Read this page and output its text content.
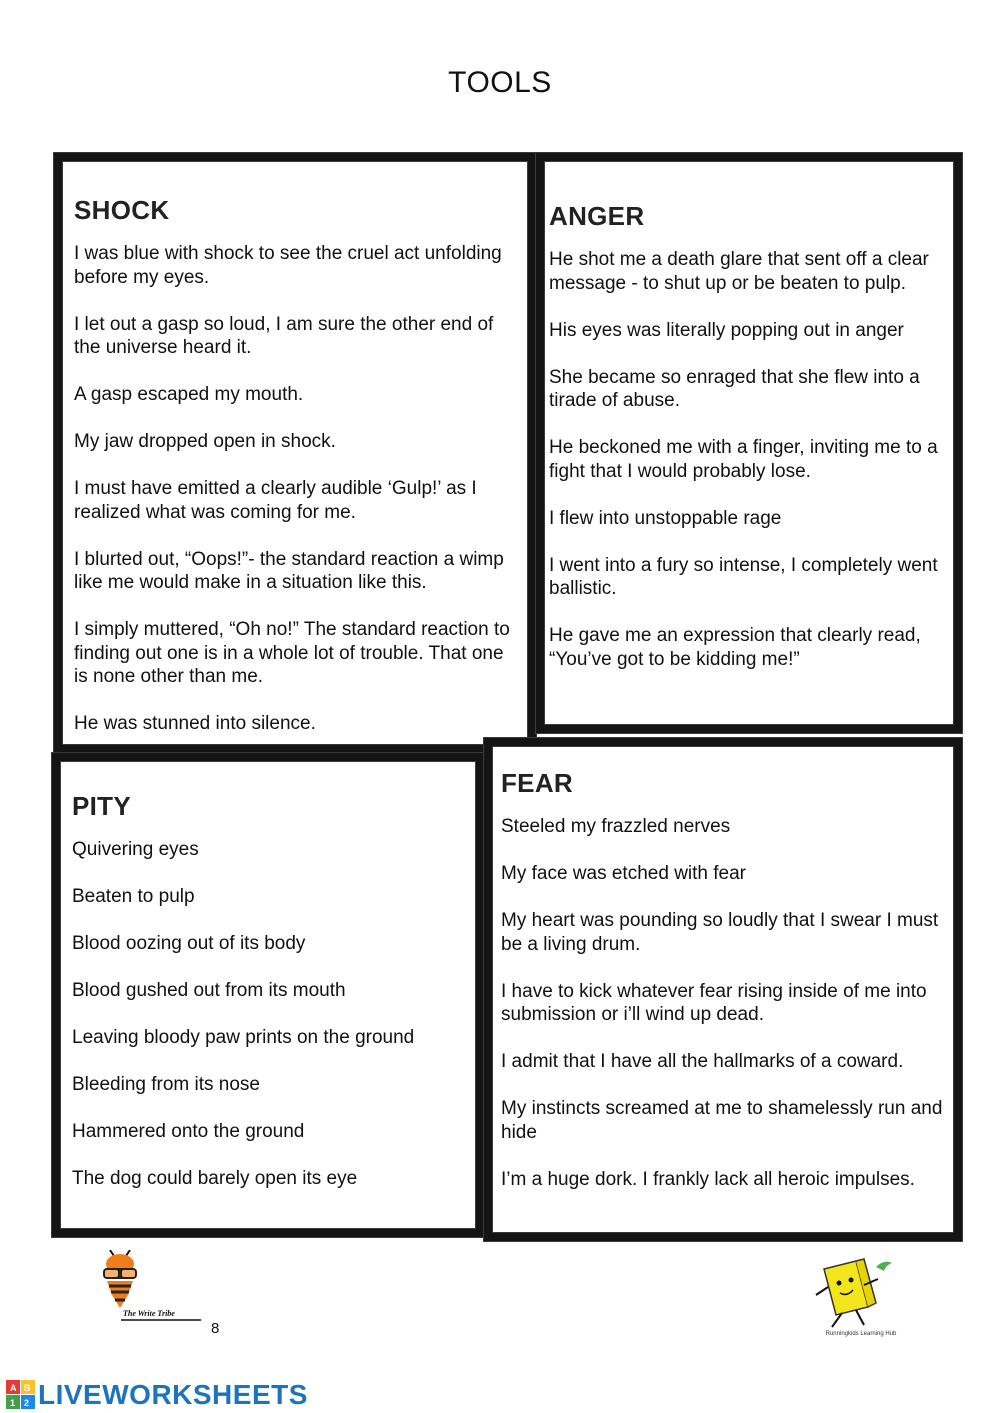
TOOLS
SHOCK
I was blue with shock to see the cruel act unfolding before my eyes.
I let out a gasp so loud, I am sure the other end of the universe heard it.
A gasp escaped my mouth.
My jaw dropped open in shock.
I must have emitted a clearly audible ‘Gulp!’ as I realized what was coming for me.
I blurted out, “Oops!”- the standard reaction a wimp like me would make in a situation like this.
I simply muttered, “Oh no!” The standard reaction to finding out one is in a whole lot of trouble. That one is none other than me.
He was stunned into silence.
ANGER
He shot me a death glare that sent off a clear message - to shut up or be beaten to pulp.
His eyes was literally popping out in anger
She became so enraged that she flew into a tirade of abuse.
He beckoned me with a finger, inviting me to a fight that I would probably lose.
I flew into unstoppable rage
I went into a fury so intense, I completely went ballistic.
He gave me an expression that clearly read, “You’ve got to be kidding me!”
PITY
Quivering eyes
Beaten to pulp
Blood oozing out of its body
Blood gushed out from its mouth
Leaving bloody paw prints on the ground
Bleeding from its nose
Hammered onto the ground
The dog could barely open its eye
FEAR
Steeled my frazzled nerves
My face was etched with fear
My heart was pounding so loudly that I swear I must be a living drum.
I have to kick whatever fear rising inside of me into submission or i’ll wind up dead.
I admit that I have all the hallmarks of a coward.
My instincts screamed at me to shamelessly run and hide
I’m a huge dork. I frankly lack all heroic impulses.
The Write Tribe
8	Runningkids Learning Hub
A B
1 2 LIVEWORKSHEETS
